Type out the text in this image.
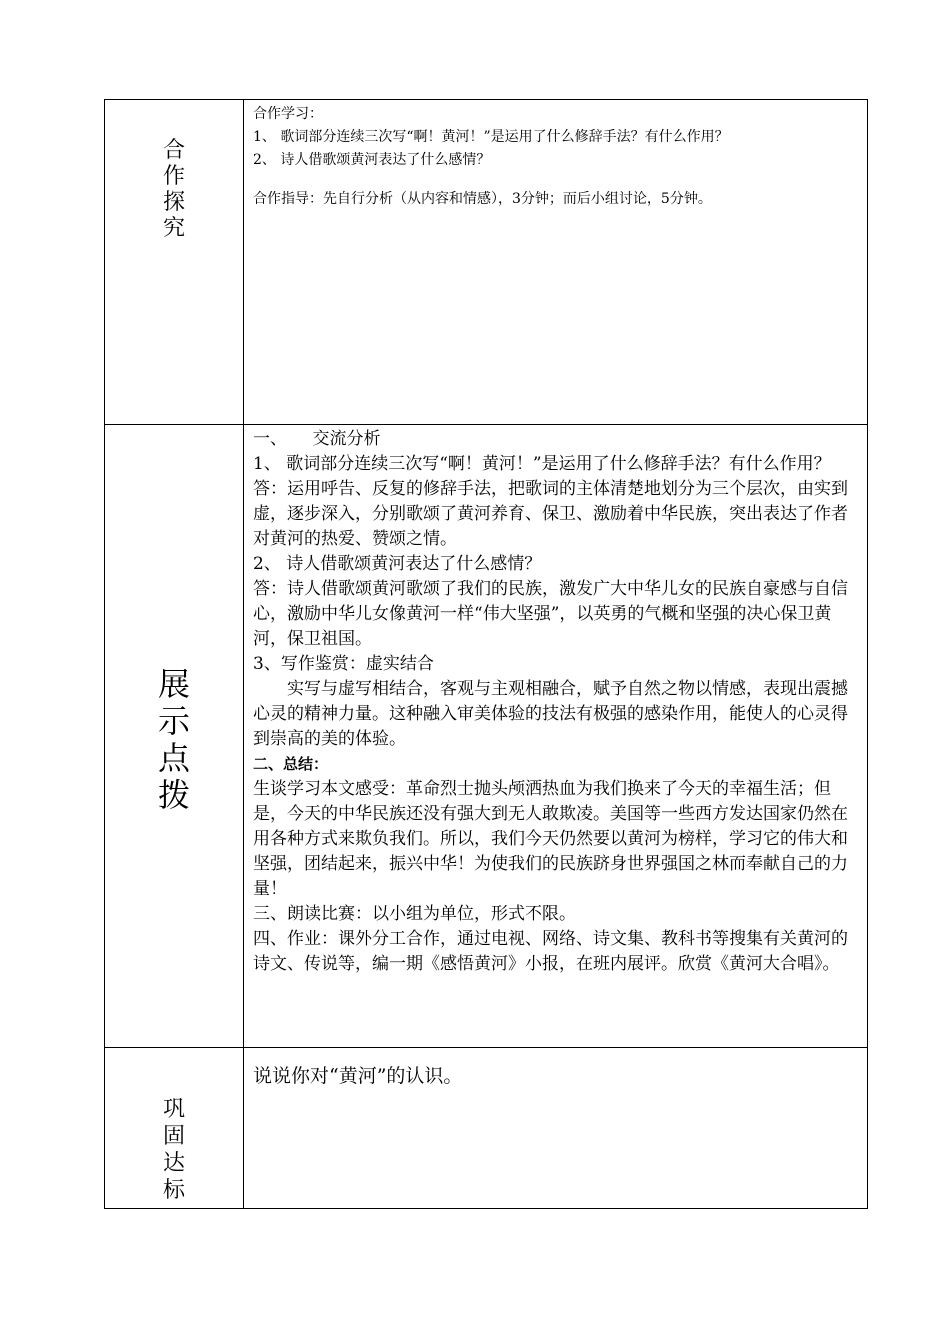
合
作
探
究

合作学习：

1、 歌词部分连续三次写“啊！黄河！”是运用了什么修辞手法？有什么作用？

2、 诗人借歌颂黄河表达了什么感情？

合作指导：先自行分析（从内容和情感），3分钟；而后小组讨论，5分钟。

展
示
点
拨

一、　　交流分析

1、 歌词部分连续三次写“啊！黄河！”是运用了什么修辞手法？有什么作用？

答：运用呼告、反复的修辞手法，把歌词的主体清楚地划分为三个层次，由实到虚，逐步深入，分别歌颂了黄河养育、保卫、激励着中华民族，突出表达了作者对黄河的热爱、赞颂之情。

2、 诗人借歌颂黄河表达了什么感情？

答：诗人借歌颂黄河歌颂了我们的民族，激发广大中华儿女的民族自豪感与自信心，激励中华儿女像黄河一样“伟大坚强”，以英勇的气概和坚强的决心保卫黄河，保卫祖国。

3、写作鉴赏：虚实结合

实写与虚写相结合，客观与主观相融合，赋予自然之物以情感，表现出震撼心灵的精神力量。这种融入审美体验的技法有极强的感染作用，能使人的心灵得到崇高的美的体验。

二、总结：

生谈学习本文感受：革命烈士抛头颅洒热血为我们换来了今天的幸福生活；但是，今天的中华民族还没有强大到无人敢欺凌。美国等一些西方发达国家仍然在用各种方式来欺负我们。所以，我们今天仍然要以黄河为榜样，学习它的伟大和坚强，团结起来，振兴中华！为使我们的民族跻身世界强国之林而奉献自己的力量！

三、朗读比赛：以小组为单位，形式不限。

四、作业：课外分工合作，通过电视、网络、诗文集、教科书等搜集有关黄河的诗文、传说等，编一期《感悟黄河》小报，在班内展评。欣赏《黄河大合唱》。

巩
固
达
标

说说你对“黄河”的认识。
